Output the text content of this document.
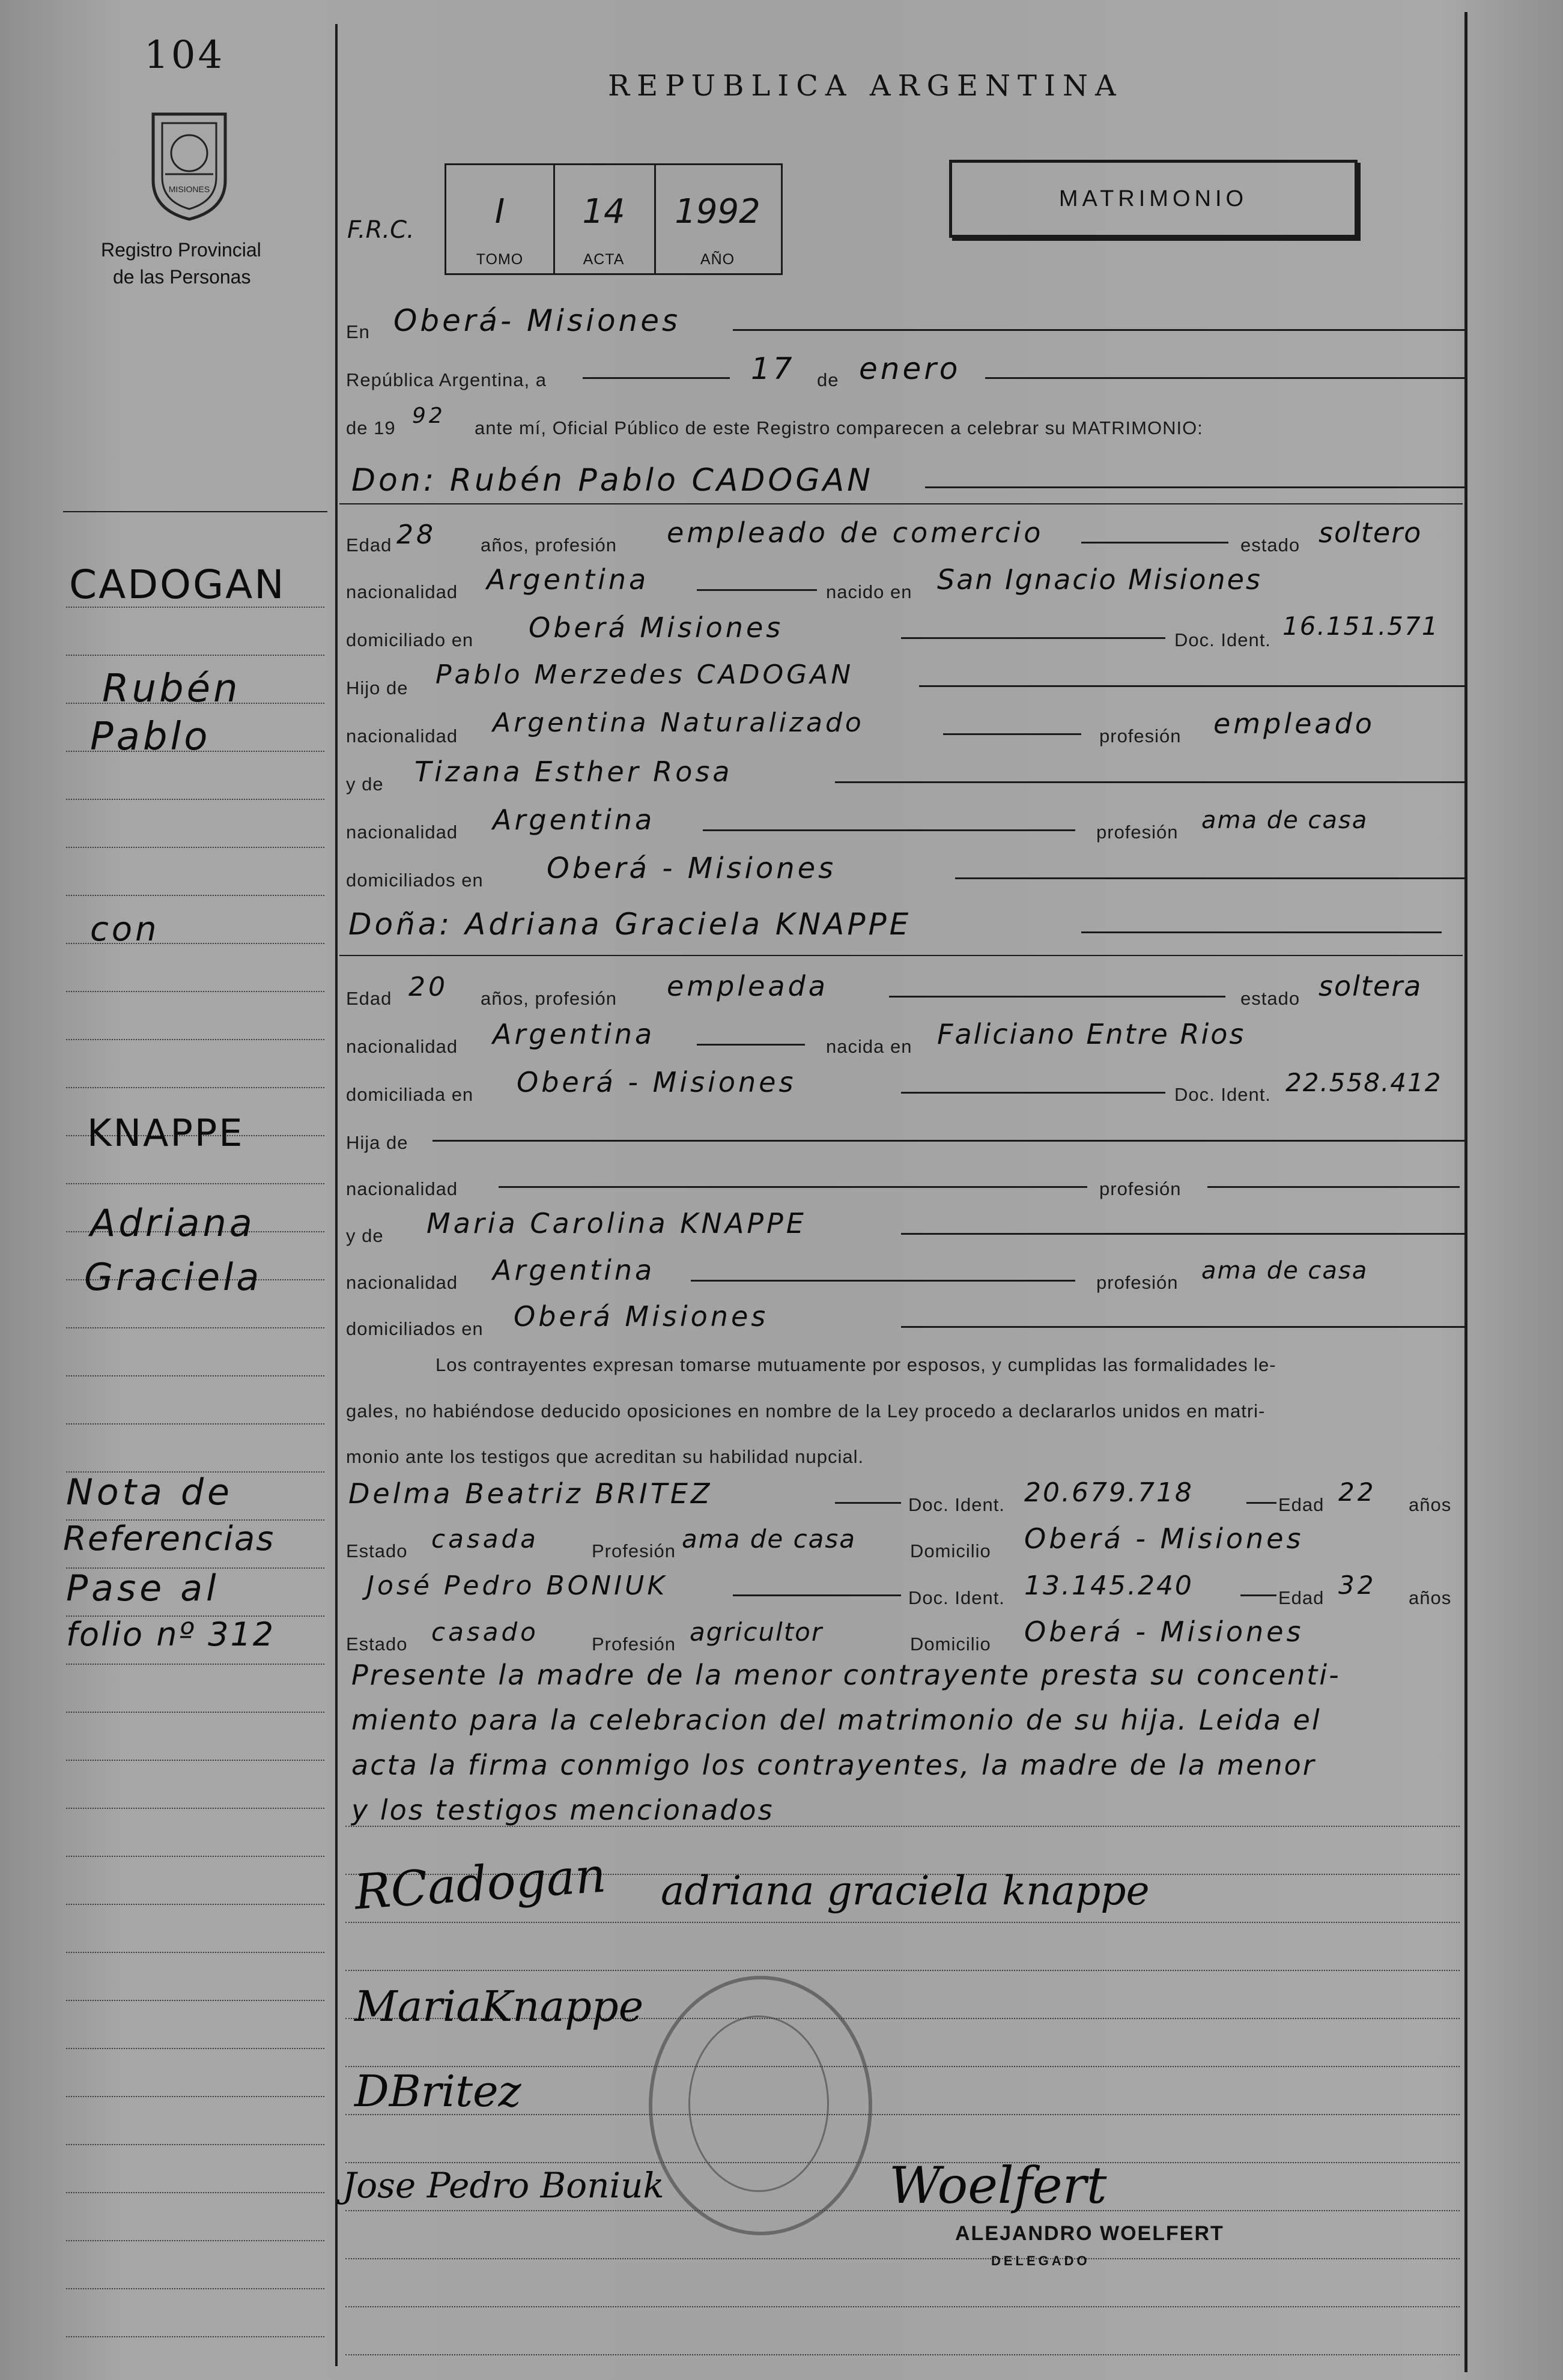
104
MISIONES
Registro Provincial
de las Personas
REPUBLICA ARGENTINA
F.R.C.	I
TOMO
14
ACTA
1992
AÑO
MATRIMONIO
En Oberá- Misiones
República Argentina, a	17 de enero
de 19 92 ante mí, Oficial Público de este Registro comparecen a celebrar su MATRIMONIO:
Don: Rubén Pablo CADOGAN
Edad 28 años, profesión empleado de comercio	estado soltero
nacionalidad Argentina	nacido en San Ignacio Misiones
domiciliado en Oberá Misiones	Doc. Ident. 16.151.571
Hijo de Pablo Merzedes CADOGAN
nacionalidad Argentina Naturalizado	profesión empleado
y de Tizana Esther Rosa
nacionalidad Argentina	profesión ama de casa
domiciliados en Oberá - Misiones
Doña: Adriana Graciela KNAPPE
Edad 20 años, profesión empleada	estado soltera
nacionalidad Argentina	nacida en Faliciano Entre Rios
domiciliada en Oberá - Misiones	Doc. Ident. 22.558.412
Hija de
nacionalidad	profesión
y de Maria Carolina KNAPPE
nacionalidad Argentina	profesión ama de casa
domiciliados en Oberá Misiones
Los contrayentes expresan tomarse mutuamente por esposos, y cumplidas las formalidades le-
gales, no habiéndose deducido oposiciones en nombre de la Ley procedo a declararlos unidos en matri-
monio ante los testigos que acreditan su habilidad nupcial.
Delma Beatriz BRITEZ	Doc. Ident. 20.679.718	Edad 22 años
Estado casada	Profesión ama de casa	Domicilio Oberá - Misiones
José Pedro BONIUK	Doc. Ident. 13.145.240	Edad 32 años
Estado casado	Profesión agricultor	Domicilio Oberá - Misiones
Presente la madre de la menor contrayente presta su concenti-
miento para la celebracion del matrimonio de su hija. Leida el
acta la firma conmigo los contrayentes, la madre de la menor
y los testigos mencionados
CADOGAN
Rubén
Pablo
con
KNAPPE
Adriana
Graciela
Nota de
Referencias
Pase al
folio nº 312
RCadogan adriana graciela knappe
MariaKnappe
DBritez
Jose Pedro Boniuk	Woelfert
ALEJANDRO WOELFERT
DELEGADO
